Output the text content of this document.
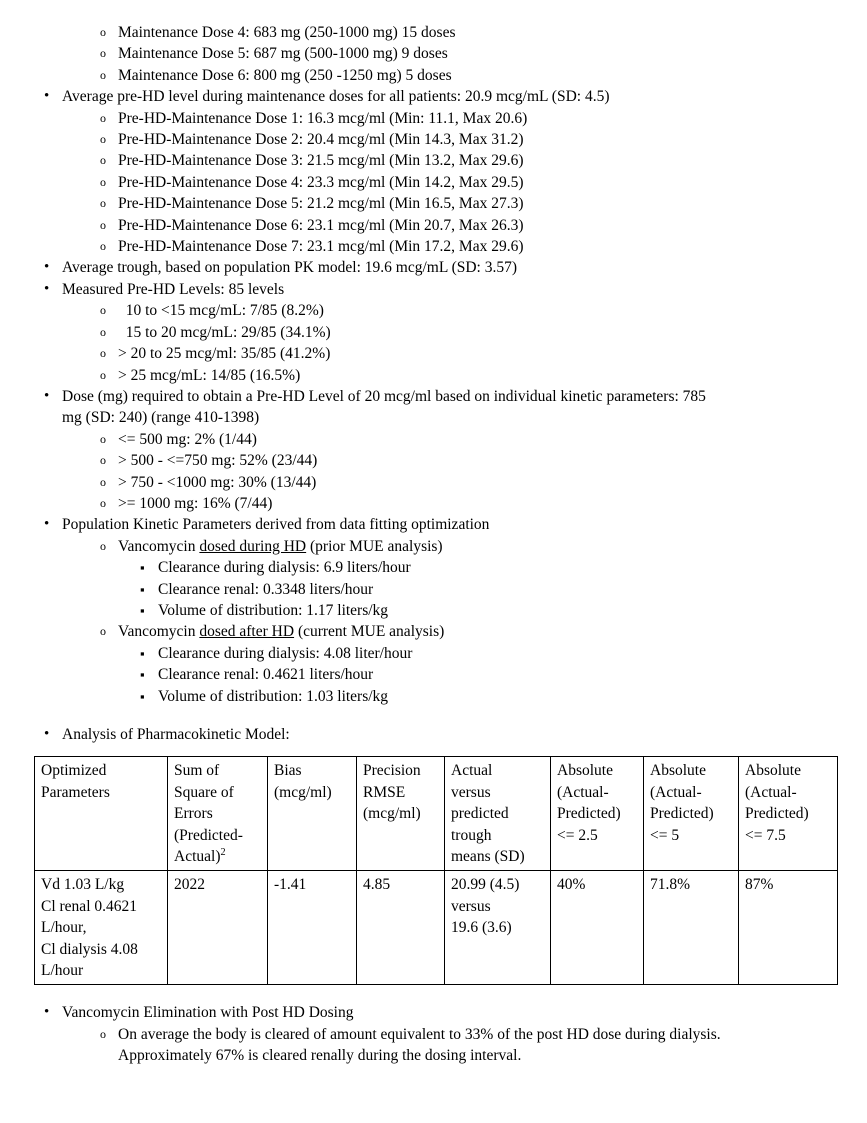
o Maintenance Dose 4: 683 mg (250-1000 mg) 15 doses
o Maintenance Dose 5: 687 mg (500-1000 mg) 9 doses
o Maintenance Dose 6: 800 mg (250 -1250 mg) 5 doses
• Average pre-HD level during maintenance doses for all patients: 20.9 mcg/mL (SD: 4.5)
o Pre-HD-Maintenance Dose 1: 16.3 mcg/ml (Min: 11.1, Max 20.6)
o Pre-HD-Maintenance Dose 2: 20.4 mcg/ml (Min 14.3, Max 31.2)
o Pre-HD-Maintenance Dose 3: 21.5 mcg/ml (Min 13.2, Max 29.6)
o Pre-HD-Maintenance Dose 4: 23.3 mcg/ml (Min 14.2, Max 29.5)
o Pre-HD-Maintenance Dose 5: 21.2 mcg/ml (Min 16.5, Max 27.3)
o Pre-HD-Maintenance Dose 6: 23.1 mcg/ml (Min 20.7, Max 26.3)
o Pre-HD-Maintenance Dose 7: 23.1 mcg/ml (Min 17.2, Max 29.6)
• Average trough, based on population PK model: 19.6 mcg/mL (SD: 3.57)
• Measured Pre-HD Levels: 85 levels
o 10 to <15 mcg/mL: 7/85 (8.2%)
o 15 to 20 mcg/mL: 29/85 (34.1%)
o > 20 to 25 mcg/ml: 35/85 (41.2%)
o > 25 mcg/mL: 14/85 (16.5%)
• Dose (mg) required to obtain a Pre-HD Level of 20 mcg/ml based on individual kinetic parameters: 785
mg (SD: 240) (range 410-1398)
o <= 500 mg: 2% (1/44)
o > 500 - <=750 mg: 52% (23/44)
o > 750 - <1000 mg: 30% (13/44)
o >= 1000 mg: 16% (7/44)
• Population Kinetic Parameters derived from data fitting optimization
o Vancomycin dosed during HD (prior MUE analysis)
▪ Clearance during dialysis: 6.9 liters/hour
▪ Clearance renal: 0.3348 liters/hour
▪ Volume of distribution: 1.17 liters/kg
o Vancomycin dosed after HD (current MUE analysis)
▪ Clearance during dialysis: 4.08 liter/hour
▪ Clearance renal: 0.4621 liters/hour
▪ Volume of distribution: 1.03 liters/kg
• Analysis of Pharmacokinetic Model:
Optimized
Parameters	Sum of
Square of
Errors
(Predicted-
Actual)$^2$	Bias
(mcg/ml)	Precision
RMSE
(mcg/ml)	Actual
versus
predicted
trough
means (SD)	Absolute
(Actual-
Predicted)
<= 2.5	Absolute
(Actual-
Predicted)
<= 5	Absolute
(Actual-
Predicted)
<= 7.5

Vd 1.03 L/kg
Cl renal 0.4621
L/hour,
Cl dialysis 4.08
L/hour	2022	-1.41	4.85	20.99 (4.5)
versus
19.6 (3.6)	40%	71.8%	87%
• Vancomycin Elimination with Post HD Dosing
o On average the body is cleared of amount equivalent to 33% of the post HD dose during dialysis.
Approximately 67% is cleared renally during the dosing interval.
